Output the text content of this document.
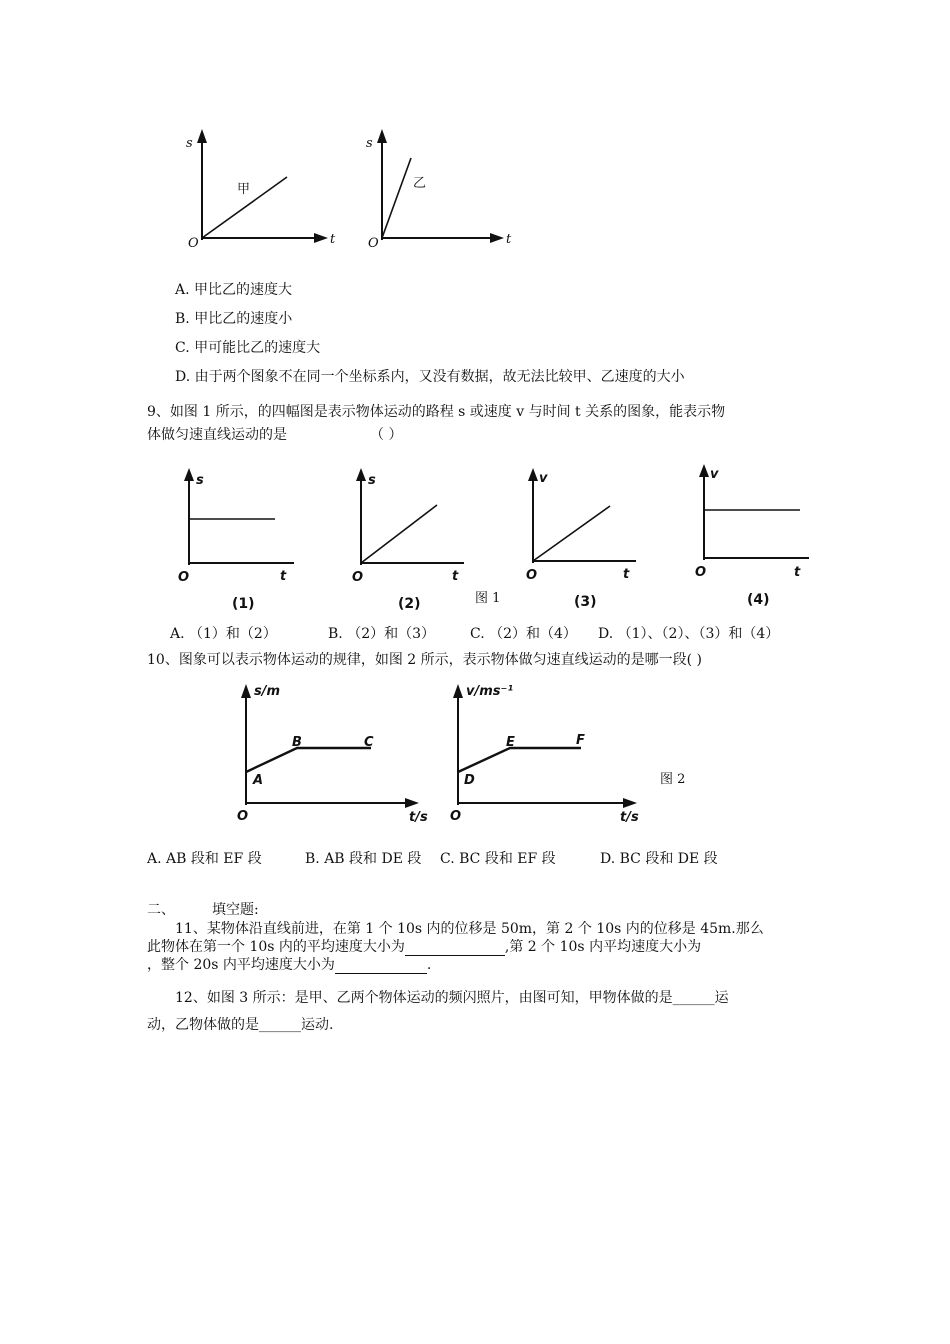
s
t
O
甲
s
t
O
乙
A. 甲比乙的速度大
B. 甲比乙的速度小
C. 甲可能比乙的速度大
D. 由于两个图象不在同一个坐标系内，又没有数据，故无法比较甲、乙速度的大小
9、如图 1 所示，的四幅图是表示物体运动的路程 s 或速度 v 与时间 t 关系的图象，能表示物
体做匀速直线运动的是	（ ）
s
t
O
(1)
s
t
O
(2)
v
t
O
(3)
v
t
O
(4)
图 1
A. （1）和（2）	B. （2）和（3） C. （2）和（4） D. （1）、（2）、（3）和（4）
10、图象可以表示物体运动的规律，如图 2 所示，表示物体做匀速直线运动的是哪一段( )
s/m
t/s
O
A
B	C
v/ms⁻¹
t/s
O
D
E	F
图 2
A. AB 段和 EF 段	B. AB 段和 DE 段 C. BC 段和 EF 段	D. BC 段和 DE 段
二、	填空题:
11、某物体沿直线前进，在第 1 个 10s 内的位移是 50m，第 2 个 10s 内的位移是 45m.那么
此物体在第一个 10s 内的平均速度大小为	,第 2 个 10s 内平均速度大小为
，整个 20s 内平均速度大小为	.
12、如图 3 所示：是甲、乙两个物体运动的频闪照片，由图可知，甲物体做的是______运
动，乙物体做的是______运动.
